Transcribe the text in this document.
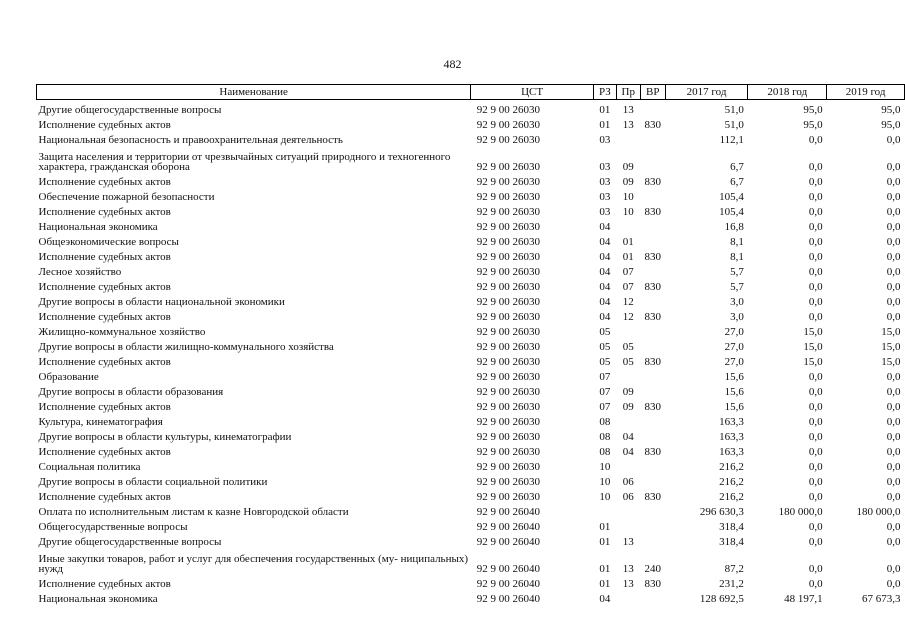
482
Наименование	ЦСТ	РЗ	Пр	ВР	2017 год	2018 год	2019 год
Другие общегосударственные вопросы	92 9 00 26030	01	13		51,0	95,0	95,0
Исполнение судебных актов	92 9 00 26030	01	13	830	51,0	95,0	95,0
Национальная безопасность и правоохранительная деятельность	92 9 00 26030	03			112,1	0,0	0,0
Защита населения и территории от чрезвычайных ситуаций природного и техногенного характера, гражданская оборона	92 9 00 26030	03	09		6,7	0,0	0,0
Исполнение судебных актов	92 9 00 26030	03	09	830	6,7	0,0	0,0
Обеспечение пожарной безопасности	92 9 00 26030	03	10		105,4	0,0	0,0
Исполнение судебных актов	92 9 00 26030	03	10	830	105,4	0,0	0,0
Национальная экономика	92 9 00 26030	04			16,8	0,0	0,0
Общеэкономические вопросы	92 9 00 26030	04	01		8,1	0,0	0,0
Исполнение судебных актов	92 9 00 26030	04	01	830	8,1	0,0	0,0
Лесное хозяйство	92 9 00 26030	04	07		5,7	0,0	0,0
Исполнение судебных актов	92 9 00 26030	04	07	830	5,7	0,0	0,0
Другие вопросы в области национальной экономики	92 9 00 26030	04	12		3,0	0,0	0,0
Исполнение судебных актов	92 9 00 26030	04	12	830	3,0	0,0	0,0
Жилищно-коммунальное хозяйство	92 9 00 26030	05			27,0	15,0	15,0
Другие вопросы в области жилищно-коммунального хозяйства	92 9 00 26030	05	05		27,0	15,0	15,0
Исполнение судебных актов	92 9 00 26030	05	05	830	27,0	15,0	15,0
Образование	92 9 00 26030	07			15,6	0,0	0,0
Другие вопросы в области образования	92 9 00 26030	07	09		15,6	0,0	0,0
Исполнение судебных актов	92 9 00 26030	07	09	830	15,6	0,0	0,0
Культура, кинематография	92 9 00 26030	08			163,3	0,0	0,0
Другие вопросы в области культуры, кинематографии	92 9 00 26030	08	04		163,3	0,0	0,0
Исполнение судебных актов	92 9 00 26030	08	04	830	163,3	0,0	0,0
Социальная политика	92 9 00 26030	10			216,2	0,0	0,0
Другие вопросы в области социальной политики	92 9 00 26030	10	06		216,2	0,0	0,0
Исполнение судебных актов	92 9 00 26030	10	06	830	216,2	0,0	0,0
Оплата по исполнительным листам к казне Новгородской области	92 9 00 26040				296 630,3	180 000,0	180 000,0
Общегосударственные вопросы	92 9 00 26040	01			318,4	0,0	0,0
Другие общегосударственные вопросы	92 9 00 26040	01	13		318,4	0,0	0,0
Иные закупки товаров, работ и услуг для обеспечения государственных (му- ниципальных) нужд	92 9 00 26040	01	13	240	87,2	0,0	0,0
Исполнение судебных актов	92 9 00 26040	01	13	830	231,2	0,0	0,0
Национальная экономика	92 9 00 26040	04			128 692,5	48 197,1	67 673,3
